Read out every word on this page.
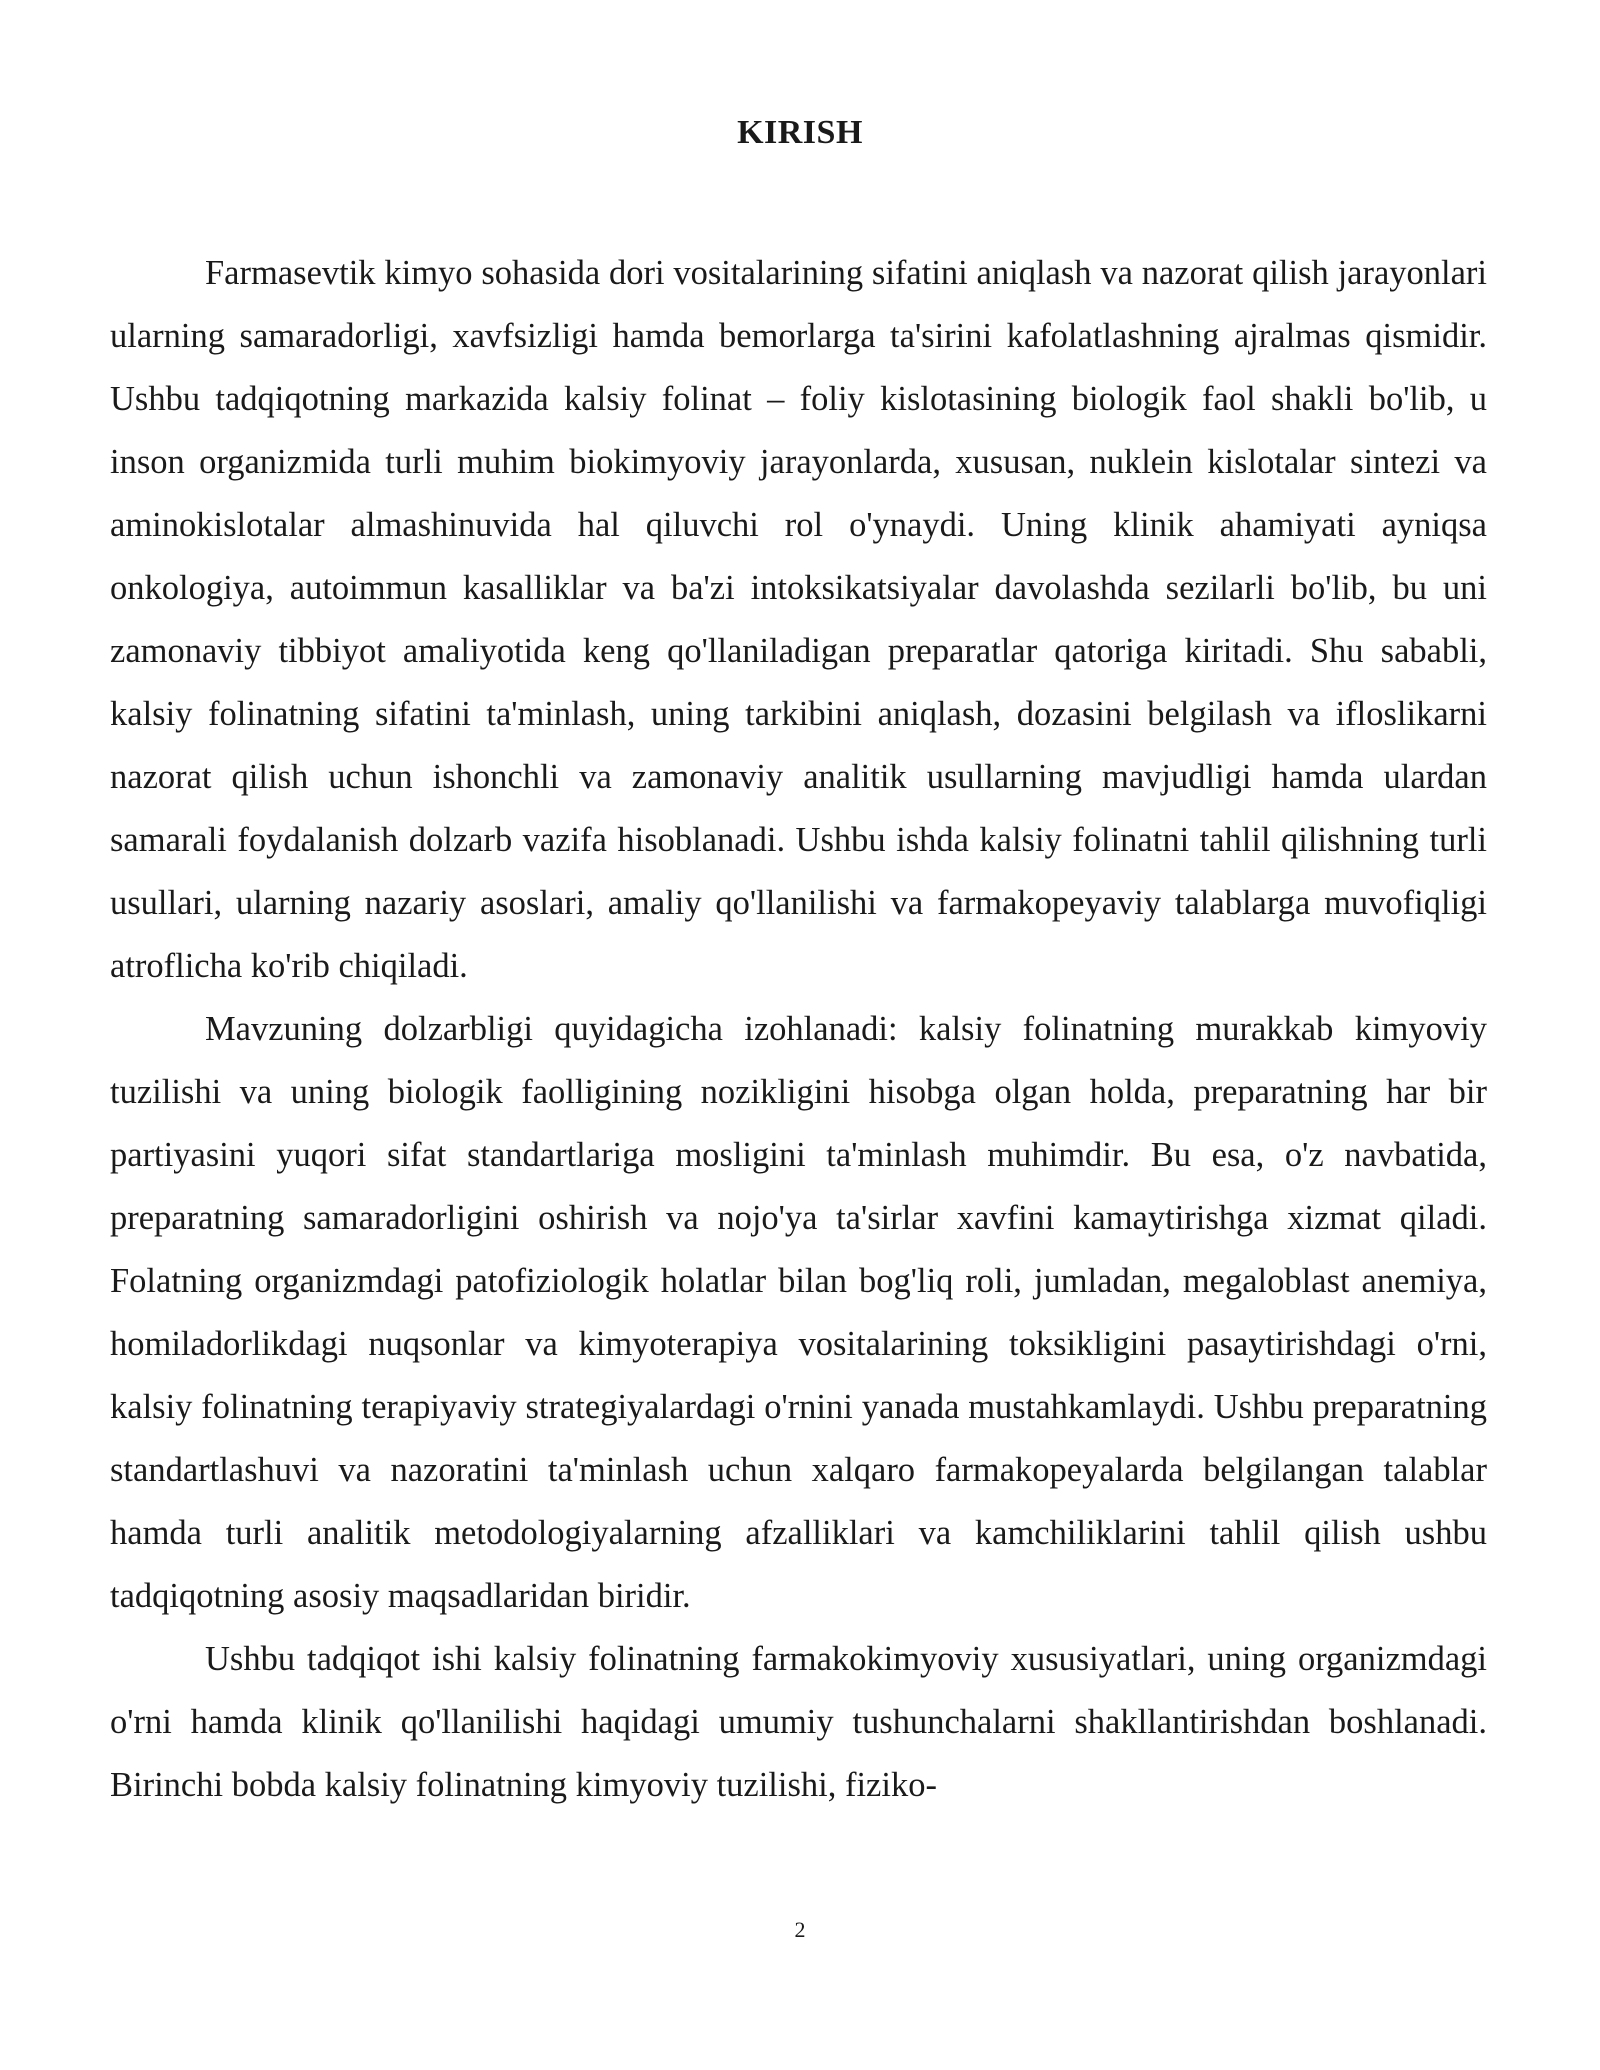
KIRISH

Farmasevtik kimyo sohasida dori vositalarining sifatini aniqlash va nazorat qilish jarayonlari ularning samaradorligi, xavfsizligi hamda bemorlarga ta'sirini kafolatlashning ajralmas qismidir. Ushbu tadqiqotning markazida kalsiy folinat – foliy kislotasining biologik faol shakli bo'lib, u inson organizmida turli muhim biokimyoviy jarayonlarda, xususan, nuklein kislotalar sintezi va aminokislotalar almashinuvida hal qiluvchi rol o'ynaydi. Uning klinik ahamiyati ayniqsa onkologiya, autoimmun kasalliklar va ba'zi intoksikatsiyalar davolashda sezilarli bo'lib, bu uni zamonaviy tibbiyot amaliyotida keng qo'llaniladigan preparatlar qatoriga kiritadi. Shu sababli, kalsiy folinatning sifatini ta'minlash, uning tarkibini aniqlash, dozasini belgilash va ifloslikarni nazorat qilish uchun ishonchli va zamonaviy analitik usullarning mavjudligi hamda ulardan samarali foydalanish dolzarb vazifa hisoblanadi. Ushbu ishda kalsiy folinatni tahlil qilishning turli usullari, ularning nazariy asoslari, amaliy qo'llanilishi va farmakopeyaviy talablarga muvofiqligi atroflicha ko'rib chiqiladi.

Mavzuning dolzarbligi quyidagicha izohlanadi: kalsiy folinatning murakkab kimyoviy tuzilishi va uning biologik faolligining nozikligini hisobga olgan holda, preparatning har bir partiyasini yuqori sifat standartlariga mosligini ta'minlash muhimdir. Bu esa, o'z navbatida, preparatning samaradorligini oshirish va nojo'ya ta'sirlar xavfini kamaytirishga xizmat qiladi. Folatning organizmdagi patofiziologik holatlar bilan bog'liq roli, jumladan, megaloblast anemiya, homiladorlikdagi nuqsonlar va kimyoterapiya vositalarining toksikligini pasaytirishdagi o'rni, kalsiy folinatning terapiyaviy strategiyalardagi o'rnini yanada mustahkamlaydi. Ushbu preparatning standartlashuvi va nazoratini ta'minlash uchun xalqaro farmakopeyalarda belgilangan talablar hamda turli analitik metodologiyalarning afzalliklari va kamchiliklarini tahlil qilish ushbu tadqiqotning asosiy maqsadlaridan biridir.

Ushbu tadqiqot ishi kalsiy folinatning farmakokimyoviy xususiyatlari, uning organizmdagi o'rni hamda klinik qo'llanilishi haqidagi umumiy tushunchalarni shakllantirishdan boshlanadi. Birinchi bobda kalsiy folinatning kimyoviy tuzilishi, fiziko-

2
